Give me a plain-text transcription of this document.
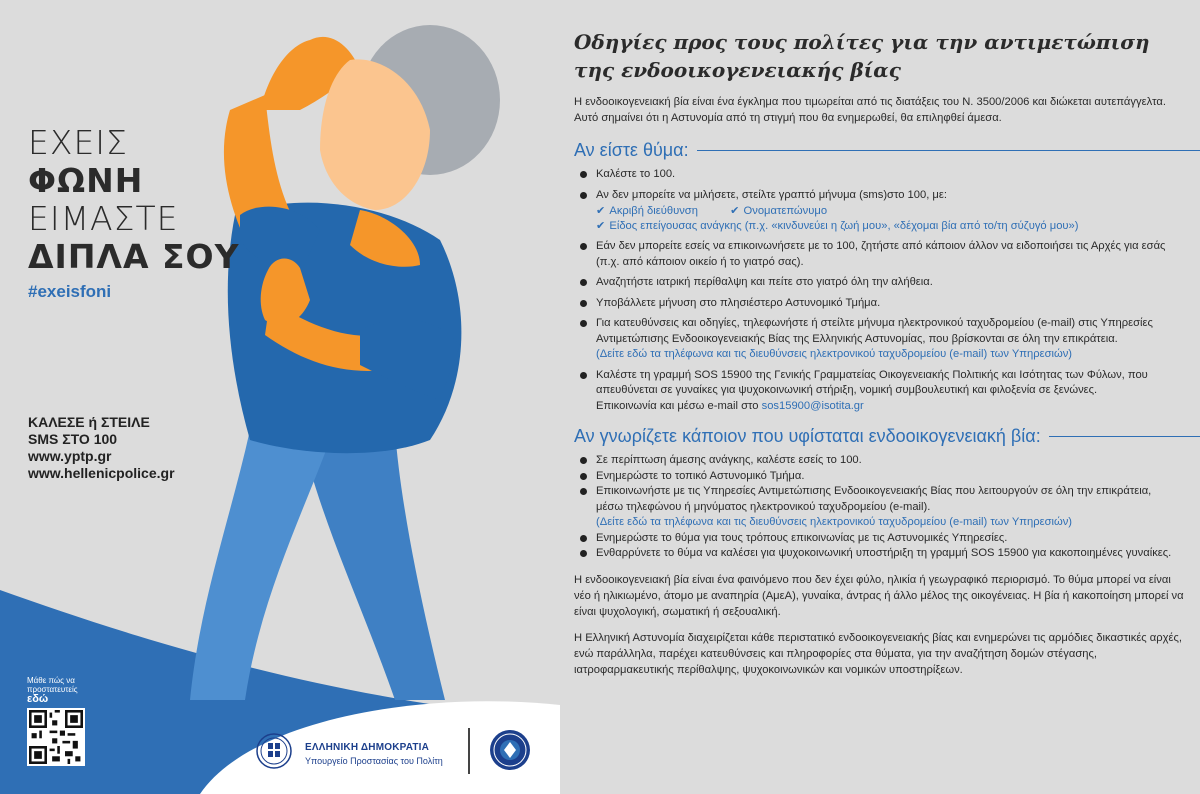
ΕΧΕΙΣ
ΦΩΝΗ
ΕΙΜΑΣΤΕ
ΔΙΠΛΑ ΣΟΥ
#exeisfoni
ΚΑΛΕΣΕ ή ΣΤΕΙΛΕ
SMS ΣΤΟ 100
www.yptp.gr
www.hellenicpolice.gr
Μάθε πώς να
προστατευτείς
εδώ
ΕΛΛΗΝΙΚΗ ΔΗΜΟΚΡΑΤΙΑ
Υπουργείο Προστασίας του Πολίτη
Οδηγίες προς τους πολίτες για την αντιμετώπιση
της ενδοοικογενειακής βίας
Η ενδοοικογενειακή βία είναι ένα έγκλημα που τιμωρείται από τις διατάξεις του Ν. 3500/2006 και διώκεται αυτεπάγγελτα. Αυτό σημαίνει ότι η Αστυνομία από τη στιγμή που θα ενημερωθεί, θα επιληφθεί άμεσα.
Αν είστε θύμα:
Καλέστε το 100.
Αν δεν μπορείτε να μιλήσετε, στείλτε γραπτό μήνυμα (sms)στο 100, με:
✔ Ακριβή διεύθυνση	✔ Ονοματεπώνυμο
✔ Είδος επείγουσας ανάγκης (π.χ. «κινδυνεύει η ζωή μου», «δέχομαι βία από το/τη σύζυγό μου»)
Εάν δεν μπορείτε εσείς να επικοινωνήσετε με το 100, ζητήστε από κάποιον άλλον να ειδοποιήσει τις Αρχές για εσάς (π.χ. από κάποιον οικείο ή το γιατρό σας).
Αναζητήστε ιατρική περίθαλψη και πείτε στο γιατρό όλη την αλήθεια.
Υποβάλλετε μήνυση στο πλησιέστερο Αστυνομικό Τμήμα.
Για κατευθύνσεις και οδηγίες, τηλεφωνήστε ή στείλτε μήνυμα ηλεκτρονικού ταχυδρομείου (e-mail) στις Υπηρεσίες Αντιμετώπισης Ενδοοικογενειακής Βίας της Ελληνικής Αστυνομίας, που βρίσκονται σε όλη την επικράτεια.
(Δείτε εδώ τα τηλέφωνα και τις διευθύνσεις ηλεκτρονικού ταχυδρομείου (e-mail) των Υπηρεσιών)
Καλέστε τη γραμμή SOS 15900 της Γενικής Γραμματείας Οικογενειακής Πολιτικής και Ισότητας των Φύλων, που απευθύνεται σε γυναίκες για ψυχοκοινωνική στήριξη, νομική συμβουλευτική και φιλοξενία σε ξενώνες.
Επικοινωνία και μέσω e-mail στο sos15900@isotita.gr
Αν γνωρίζετε κάποιον που υφίσταται ενδοοικογενειακή βία:
Σε περίπτωση άμεσης ανάγκης, καλέστε εσείς το 100.
Ενημερώστε το τοπικό Αστυνομικό Τμήμα.
Επικοινωνήστε με τις Υπηρεσίες Αντιμετώπισης Ενδοοικογενειακής Βίας που λειτουργούν σε όλη την επικράτεια, μέσω τηλεφώνου ή μηνύματος ηλεκτρονικού ταχυδρομείου (e-mail).
(Δείτε εδώ τα τηλέφωνα και τις διευθύνσεις ηλεκτρονικού ταχυδρομείου (e-mail) των Υπηρεσιών)
Ενημερώστε το θύμα για τους τρόπους επικοινωνίας με τις Αστυνομικές Υπηρεσίες.
Ενθαρρύνετε το θύμα να καλέσει για ψυχοκοινωνική υποστήριξη τη γραμμή SOS 15900 για κακοποιημένες γυναίκες.
Η ενδοοικογενειακή βία είναι ένα φαινόμενο που δεν έχει φύλο, ηλικία ή γεωγραφικό περιορισμό. Το θύμα μπορεί να είναι νέο ή ηλικιωμένο, άτομο με αναπηρία (ΑμεΑ), γυναίκα, άντρας ή άλλο μέλος της οικογένειας. Η βία ή κακοποίηση μπορεί να είναι ψυχολογική, σωματική ή σεξουαλική.
Η Ελληνική Αστυνομία διαχειρίζεται κάθε περιστατικό ενδοοικογενειακής βίας και ενημερώνει τις αρμόδιες δικαστικές αρχές, ενώ παράλληλα, παρέχει κατευθύνσεις και πληροφορίες στα θύματα, για την αναζήτηση δομών στέγασης, ιατροφαρμακευτικής περίθαλψης, ψυχοκοινωνικών και νομικών υποστηρίξεων.
